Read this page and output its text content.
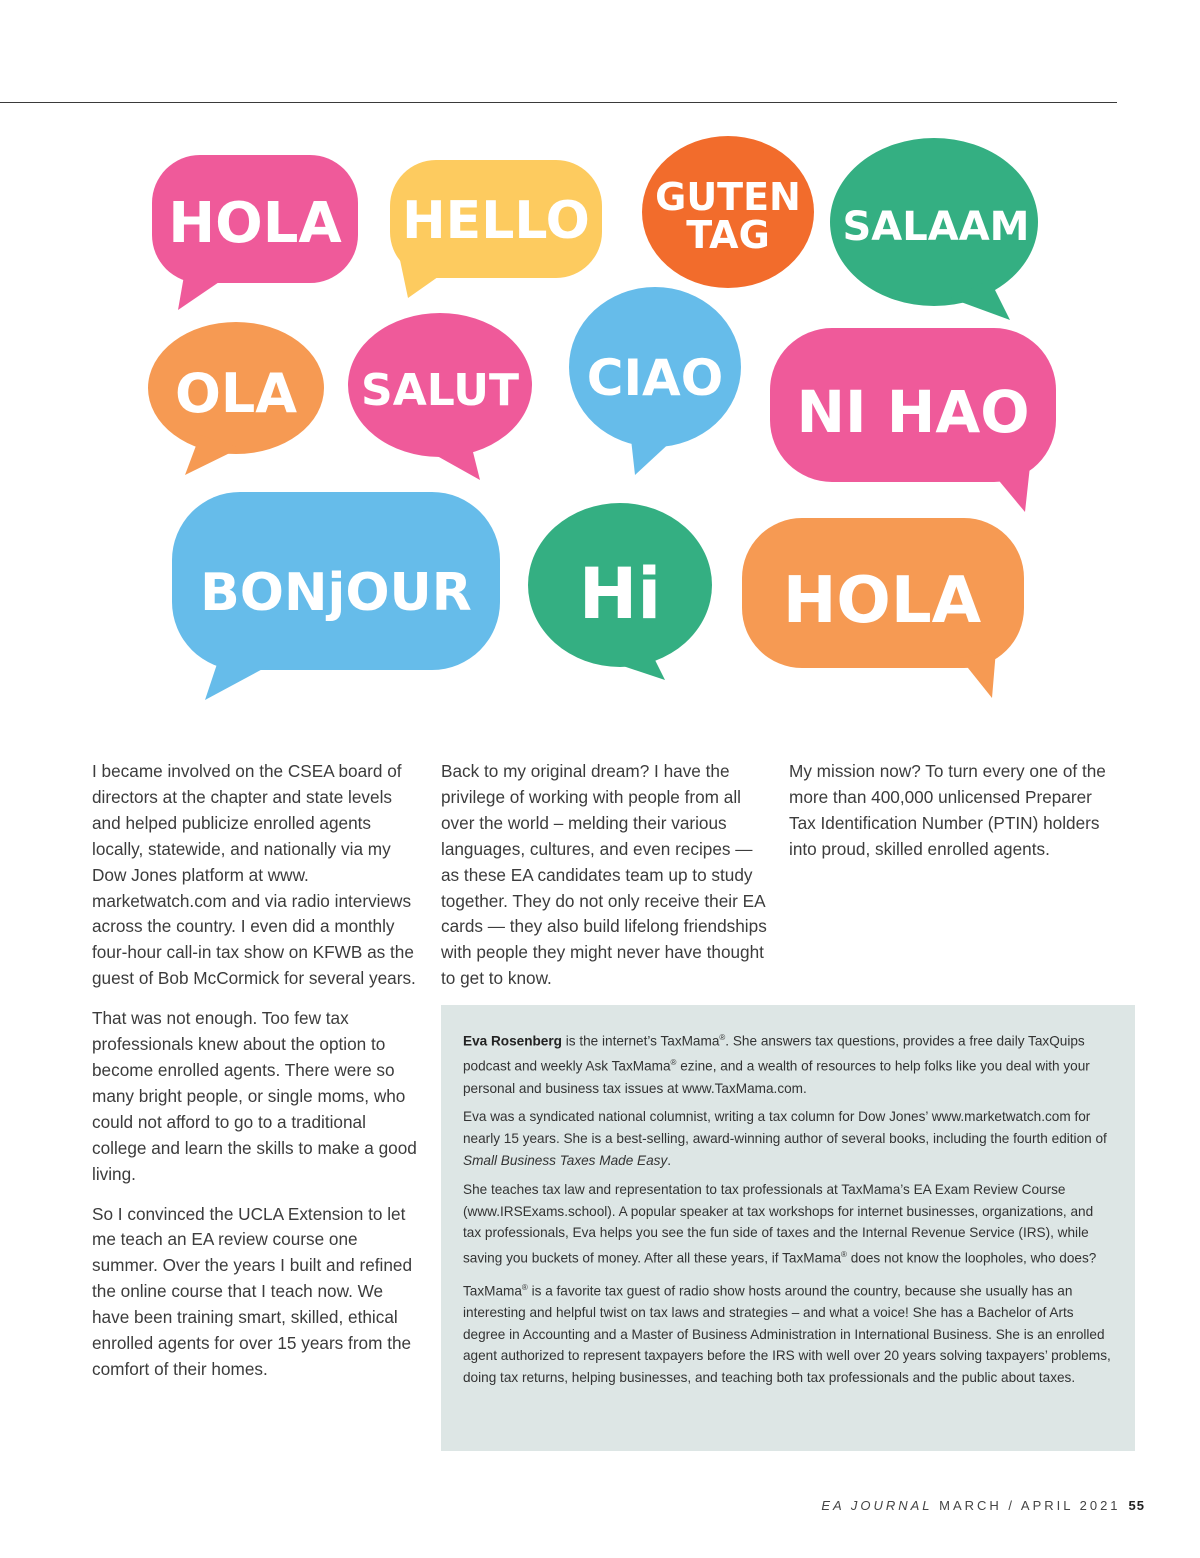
HOLA HELLO GUTEN
TAG SALAAM
OLA SALUT CIAO NI HAO
BONjOUR Hi HOLA

I became involved on the CSEA board of directors at the chapter and state levels and helped publicize enrolled agents locally, statewide, and nationally via my Dow Jones platform at www. marketwatch.com and via radio interviews across the country. I even did a monthly four-hour call-in tax show on KFWB as the guest of Bob McCormick for several years.

That was not enough. Too few tax professionals knew about the option to become enrolled agents. There were so many bright people, or single moms, who could not afford to go to a traditional college and learn the skills to make a good living.

So I convinced the UCLA Extension to let me teach an EA review course one summer. Over the years I built and refined the online course that I teach now. We have been training smart, skilled, ethical enrolled agents for over 15 years from the comfort of their homes.

Back to my original dream? I have the privilege of working with people from all over the world – melding their various languages, cultures, and even recipes — as these EA candidates team up to study together. They do not only receive their EA cards — they also build lifelong friendships with people they might never have thought to get to know.

My mission now? To turn every one of the more than 400,000 unlicensed Preparer Tax Identification Number (PTIN) holders into proud, skilled enrolled agents.

Eva Rosenberg is the internet’s TaxMama®. She answers tax questions, provides a free daily TaxQuips podcast and weekly Ask TaxMama® ezine, and a wealth of resources to help folks like you deal with your personal and business tax issues at www.TaxMama.com.

Eva was a syndicated national columnist, writing a tax column for Dow Jones’ www.marketwatch.com for nearly 15 years. She is a best-selling, award-winning author of several books, including the fourth edition of Small Business Taxes Made Easy.

She teaches tax law and representation to tax professionals at TaxMama’s EA Exam Review Course (www.IRSExams.school). A popular speaker at tax workshops for internet businesses, organizations, and tax professionals, Eva helps you see the fun side of taxes and the Internal Revenue Service (IRS), while saving you buckets of money. After all these years, if TaxMama® does not know the loopholes, who does?

TaxMama® is a favorite tax guest of radio show hosts around the country, because she usually has an interesting and helpful twist on tax laws and strategies – and what a voice! She has a Bachelor of Arts degree in Accounting and a Master of Business Administration in International Business. She is an enrolled agent authorized to represent taxpayers before the IRS with well over 20 years solving taxpayers’ problems, doing tax returns, helping businesses, and teaching both tax professionals and the public about taxes.

EA JOURNAL MARCH / APRIL 2021 55
